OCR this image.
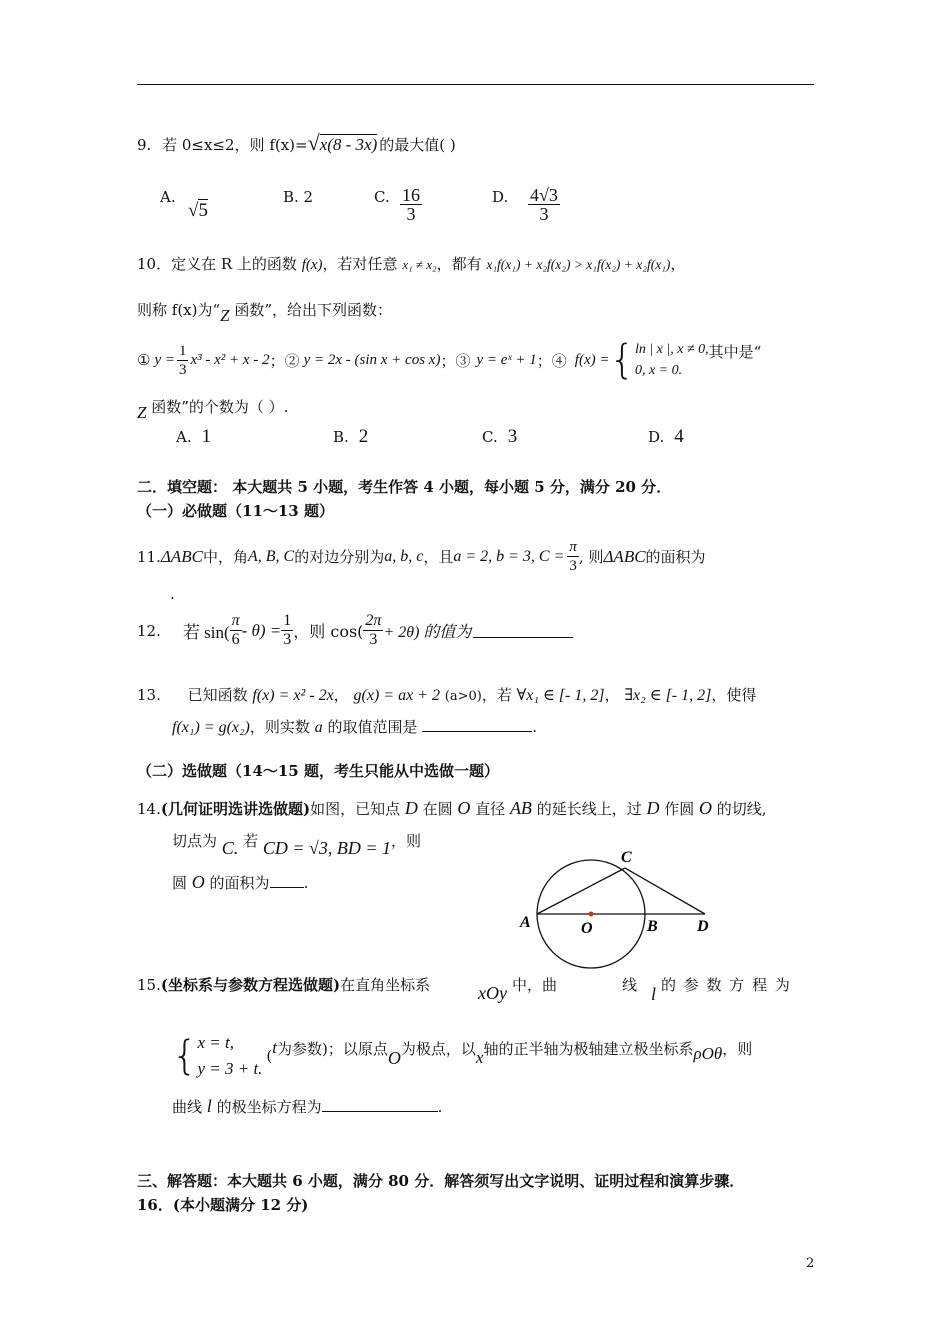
9. 若 0≤x≤2，则 f(x)=√x(8 - 3x) 的最大值( )
A.
√5
B. 2	C. $\frac{16}{3}$	D. $\frac{4√3}{3}$
10．定义在 R 上的函数 f(x)，若对任意 x₁ ≠ x₂，都有 x₁f(x₁) + x₂f(x₂) > x₁f(x₂) + x₂f(x₁)，
则称 f(x)为“Z 函数”，给出下列函数：
① $y = \frac{1}{3} x^3 - x^2 + x - 2$ ；② y = 2x - (sin x + cos x) ；③ y = eˣ + 1 ；④ f(x) = { ln | x |, x ≠ 0,
0, x = 0.
其中是“
Z 函数”的个数为（ ）.
A. 1	B. 2	C. 3	D. 4
二．填空题： 本大题共 5 小题，考生作答 4 小题，每小题 5 分，满分 20 分．
（一）必做题（11～13 题）
11. ΔABC 中，角 A, B, C 的对边分别为 a, b, c ，且 a = 2, b = 3, $C = \frac{\pi}{3}$ , 则 ΔABC 的面积为
.
12. 若 $\sin( \frac{\pi}{6} - \theta) = \frac{1}{3}$ ，则 $\cos( \frac{2\pi}{3} + 2\theta)$ 的值为
13. 已知函数 f(x) = x² - 2x， g(x) = ax + 2 (a>0)，若 ∀x₁ ∈ [- 1, 2]， ∃x₂ ∈ [- 1, 2]，使得
f(x₁) = g(x₂)，则实数 a 的取值范围是	.
（二）选做题（14～15 题，考生只能从中选做一题）
14.(几何证明选讲选做题)如图，已知点 D 在圆 O 直径 AB 的延长线上，过 D 作圆 O 的切线,
切点为 C. 若 CD = √3, BD = 1，则
圆 O 的面积为 .
A	O	B D
C
15.(坐标系与参数方程选做题)在直角坐标系	xOy 中，曲	线 l 的 参 数 方 程 为
{ x = t,
y = 3 + t.
( t 为参数)；以原点 O 为极点，以 x 轴的正半轴为极轴建立极坐标系 ρOθ ，则
曲线 l 的极坐标方程为	.
三、解答题：本大题共 6 小题，满分 80 分．解答须写出文字说明、证明过程和演算步骤．
16．(本小题满分 12 分)
2
